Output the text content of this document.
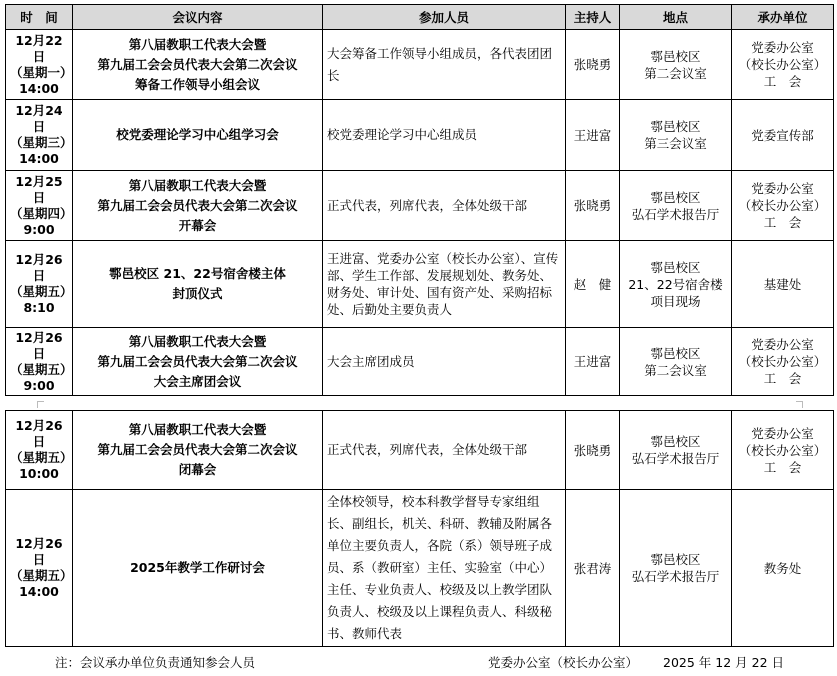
时　间	会议内容	参加人员	主持人	地点	承办单位

12月22日
（星期一）
14:00	第八届教职工代表大会暨
第九届工会会员代表大会第二次会议
筹备工作领导小组会议	大会筹备工作领导小组成员，各代表团团长	张晓勇	鄠邑校区
第二会议室	党委办公室
（校长办公室）
工　会

12月24日
（星期三）
14:00	校党委理论学习中心组学习会	校党委理论学习中心组成员	王进富	鄠邑校区
第三会议室	党委宣传部

12月25日
（星期四）
9:00	第八届教职工代表大会暨
第九届工会会员代表大会第二次会议
开幕会	正式代表，列席代表，全体处级干部	张晓勇	鄠邑校区
弘石学术报告厅	党委办公室
（校长办公室）
工　会

12月26日
（星期五）
8:10	鄠邑校区 21、22号宿舍楼主体
封顶仪式	王进富、党委办公室（校长办公室）、宣传部、学生工作部、发展规划处、教务处、财务处、审计处、国有资产处、采购招标处、后勤处主要负责人	赵　健	鄠邑校区
21、22号宿舍楼
项目现场	基建处

12月26日
（星期五）
9:00	第八届教职工代表大会暨
第九届工会会员代表大会第二次会议
大会主席团会议	大会主席团成员	王进富	鄠邑校区
第二会议室	党委办公室
（校长办公室）
工　会
12月26日
（星期五）
10:00	第八届教职工代表大会暨
第九届工会会员代表大会第二次会议
闭幕会	正式代表，列席代表，全体处级干部	张晓勇	鄠邑校区
弘石学术报告厅	党委办公室
（校长办公室）
工　会

12月26日
（星期五）
14:00	2025年教学工作研讨会	全体校领导，校本科教学督导专家组组长、副组长，机关、科研、教辅及附属各单位主要负责人，各院（系）领导班子成员、系（教研室）主任、实验室（中心）主任、专业负责人、校级及以上教学团队负责人、校级及以上课程负责人、科级秘书、教师代表	张君涛	鄠邑校区
弘石学术报告厅	教务处
注：会议承办单位负责通知参会人员	党委办公室（校长办公室） 2025 年 12 月 22 日
